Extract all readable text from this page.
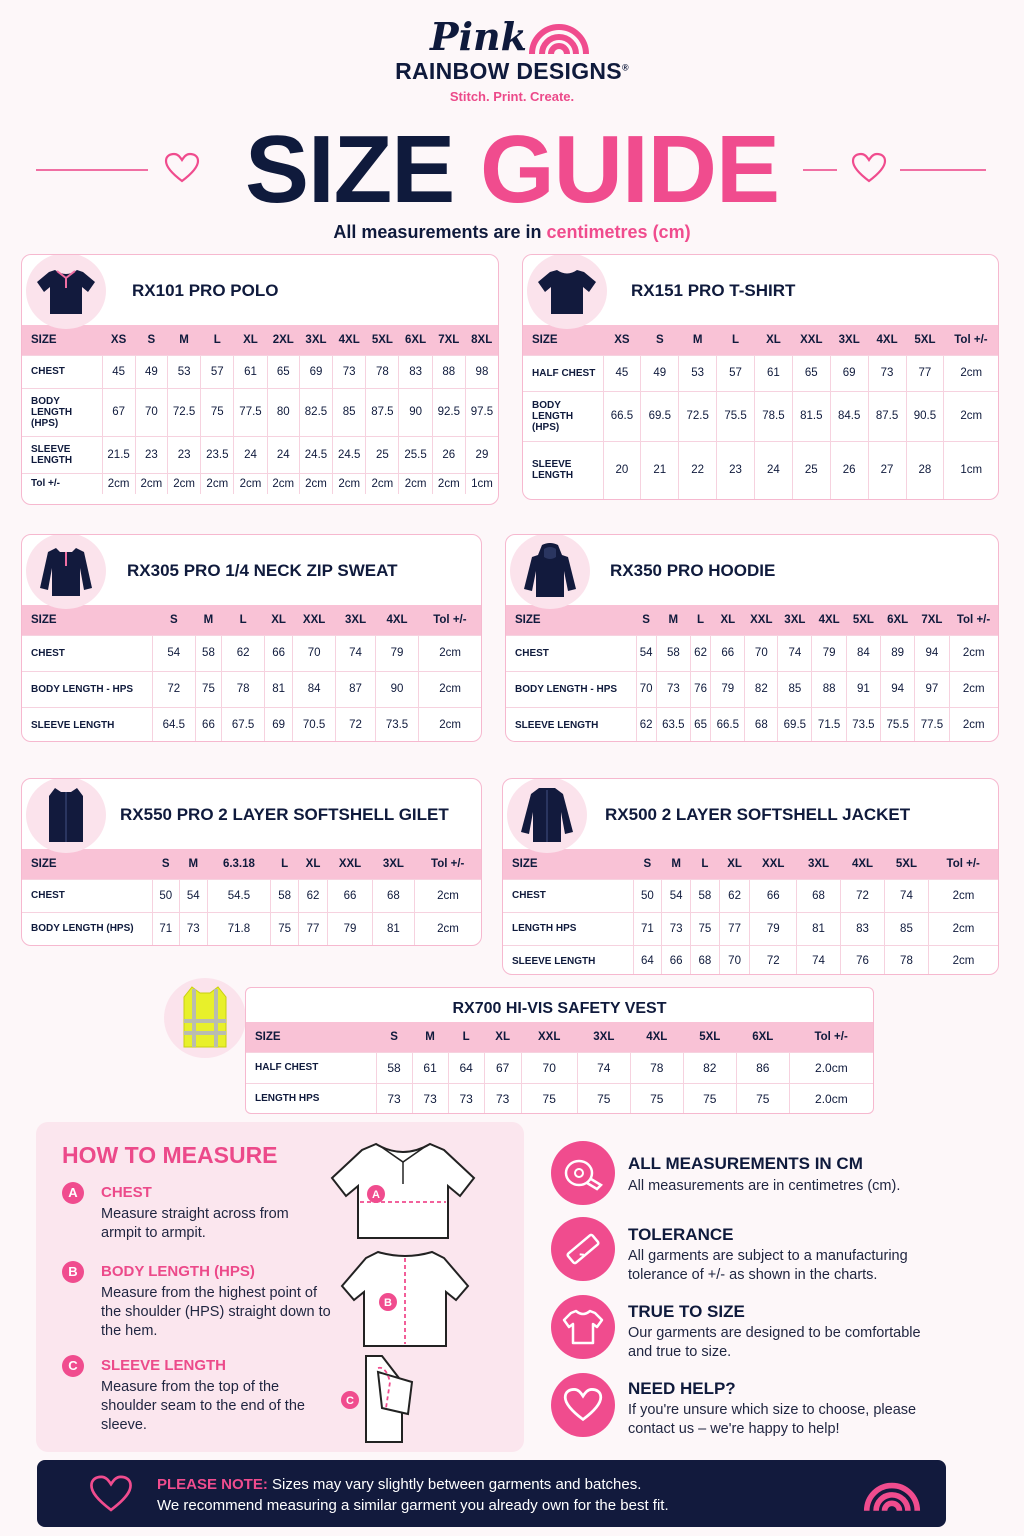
Pink
RAINBOW DESIGNS®
Stitch. Print. Create.
SIZE GUIDE
All measurements are in centimetres (cm)
RX101 PRO POLO
SIZE	XS	S	M	L	XL	2XL	3XL	4XL	5XL	6XL	7XL	8XL
CHEST	45	49	53	57	61	65	69	73	78	83	88	98
BODY LENGTH (HPS)	67	70	72.5	75	77.5	80	82.5	85	87.5	90	92.5	97.5
SLEEVE LENGTH	21.5	23	23	23.5	24	24	24.5	24.5	25	25.5	26	29
Tol +/-	2cm	2cm	2cm	2cm	2cm	2cm	2cm	2cm	2cm	2cm	2cm	1cm
RX151 PRO T-SHIRT
SIZE	XS	S	M	L	XL	XXL	3XL	4XL	5XL	Tol +/-
HALF CHEST	45	49	53	57	61	65	69	73	77	2cm
BODY LENGTH (HPS)	66.5	69.5	72.5	75.5	78.5	81.5	84.5	87.5	90.5	2cm
SLEEVE LENGTH	20	21	22	23	24	25	26	27	28	1cm
RX305 PRO 1/4 NECK ZIP SWEAT
SIZE	S	M	L	XL	XXL	3XL	4XL	Tol +/-
CHEST	54	58	62	66	70	74	79	2cm
BODY LENGTH - HPS	72	75	78	81	84	87	90	2cm
SLEEVE LENGTH	64.5	66	67.5	69	70.5	72	73.5	2cm
RX350 PRO HOODIE
SIZE	S	M	L	XL	XXL	3XL	4XL	5XL	6XL	7XL	Tol +/-
CHEST	54	58	62	66	70	74	79	84	89	94	2cm
BODY LENGTH - HPS	70	73	76	79	82	85	88	91	94	97	2cm
SLEEVE LENGTH	62	63.5	65	66.5	68	69.5	71.5	73.5	75.5	77.5	2cm
RX550 PRO 2 LAYER SOFTSHELL GILET
SIZE	S	M	6.3.18	L	XL	XXL	3XL	Tol +/-
CHEST	50	54	54.5	58	62	66	68	2cm
BODY LENGTH (HPS)	71	73	71.8	75	77	79	81	2cm
RX500 2 LAYER SOFTSHELL JACKET
SIZE	S	M	L	XL	XXL	3XL	4XL	5XL	Tol +/-
CHEST	50	54	58	62	66	68	72	74	2cm
LENGTH HPS	71	73	75	77	79	81	83	85	2cm
SLEEVE LENGTH	64	66	68	70	72	74	76	78	2cm
RX700 HI-VIS SAFETY VEST
SIZE	S	M	L	XL	XXL	3XL	4XL	5XL	6XL	Tol +/-
HALF CHEST	58	61	64	67	70	74	78	82	86	2.0cm
LENGTH HPS	73	73	73	73	75	75	75	75	75	2.0cm
HOW TO MEASURE
A	CHEST
Measure straight across from armpit to armpit.
B	BODY LENGTH (HPS)
Measure from the highest point of the shoulder (HPS) straight down to the hem.
C	SLEEVE LENGTH
Measure from the top of the shoulder seam to the end of the sleeve.
A
B
C
ALL MEASUREMENTS IN CM
All measurements are in centimetres (cm).
TOLERANCE
All garments are subject to a manufacturing tolerance of +/- as shown in the charts.
TRUE TO SIZE
Our garments are designed to be comfortable and true to size.
NEED HELP?
If you're unsure which size to choose, please contact us – we're happy to help!
PLEASE NOTE: Sizes may vary slightly between garments and batches.
We recommend measuring a similar garment you already own for the best fit.
